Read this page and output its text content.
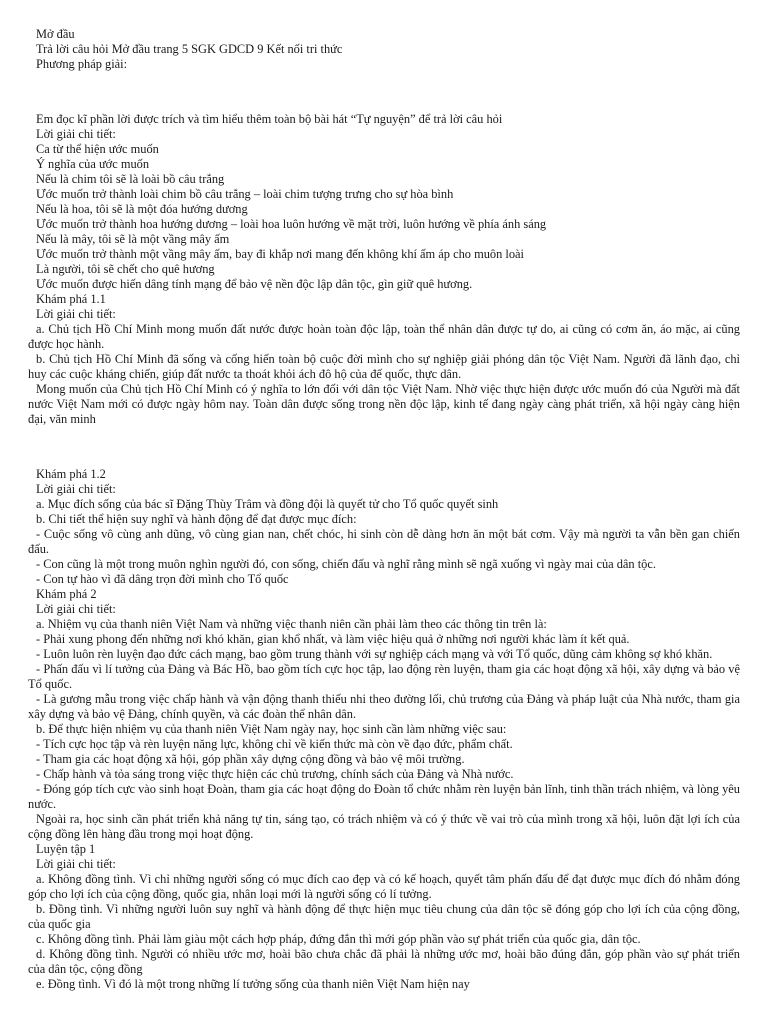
Mở đầu

Trả lời câu hỏi Mở đầu trang 5 SGK GDCD 9 Kết nối tri thức

Phương pháp giải:

Em đọc kĩ phần lời được trích và tìm hiểu thêm toàn bộ bài hát “Tự nguyện” để trả lời câu hỏi

Lời giải chi tiết:

Ca từ thể hiện ước muốn

Ý nghĩa của ước muốn

Nếu là chim tôi sẽ là loài bồ câu trắng

Ước muốn trở thành loài chim bồ câu trắng – loài chim tượng trưng cho sự hòa bình

Nếu là hoa, tôi sẽ là một đóa hướng dương

Ước muốn trở thành hoa hướng dương – loài hoa luôn hướng về mặt trời, luôn hướng về phía ánh sáng

Nếu là mây, tôi sẽ là một vầng mây ấm

Ước muốn trở thành một vầng mây ấm, bay đi khắp nơi mang đến không khí ấm áp cho muôn loài

Là người, tôi sẽ chết cho quê hương

Ước muốn được hiến dâng tính mạng để bảo vệ nền độc lập dân tộc, gìn giữ quê hương.

Khám phá 1.1

Lời giải chi tiết:

a. Chủ tịch Hồ Chí Minh mong muốn đất nước được hoàn toàn độc lập, toàn thể nhân dân được tự do, ai cũng có cơm ăn, áo mặc, ai cũng được học hành.

b. Chủ tịch Hồ Chí Minh đã sống và cống hiến toàn bộ cuộc đời mình cho sự nghiệp giải phóng dân tộc Việt Nam. Người đã lãnh đạo, chỉ huy các cuộc kháng chiến, giúp đất nước ta thoát khỏi ách đô hộ của đế quốc, thực dân.

Mong muốn của Chủ tịch Hồ Chí Minh có ý nghĩa to lớn đối với dân tộc Việt Nam. Nhờ việc thực hiện được ước muốn đó của Người mà đất nước Việt Nam mới có được ngày hôm nay. Toàn dân được sống trong nền độc lập, kinh tế đang ngày càng phát triển, xã hội ngày càng hiện đại, văn minh

Khám phá 1.2

Lời giải chi tiết:

a. Mục đích sống của bác sĩ Đặng Thùy Trâm và đồng đội là quyết tử cho Tổ quốc quyết sinh

b. Chi tiết thể hiện suy nghĩ và hành động để đạt được mục đích:

- Cuộc sống vô cùng anh dũng, vô cùng gian nan, chết chóc, hi sinh còn dễ dàng hơn ăn một bát cơm. Vậy mà người ta vẫn bền gan chiến đấu.

- Con cũng là một trong muôn nghìn người đó, con sống, chiến đấu và nghĩ rằng mình sẽ ngã xuống vì ngày mai của dân tộc.

- Con tự hào vì đã dâng trọn đời mình cho Tổ quốc

Khám phá 2

Lời giải chi tiết:

a. Nhiệm vụ của thanh niên Việt Nam và những việc thanh niên cần phải làm theo các thông tin trên là:

- Phải xung phong đến những nơi khó khăn, gian khổ nhất, và làm việc hiệu quả ở những nơi người khác làm ít kết quả.

- Luôn luôn rèn luyện đạo đức cách mạng, bao gồm trung thành với sự nghiệp cách mạng và với Tổ quốc, dũng cảm không sợ khó khăn.

- Phấn đấu vì lí tưởng của Đảng và Bác Hồ, bao gồm tích cực học tập, lao động rèn luyện, tham gia các hoạt động xã hội, xây dựng và bảo vệ Tổ quốc.

- Là gương mẫu trong việc chấp hành và vận động thanh thiếu nhi theo đường lối, chủ trương của Đảng và pháp luật của Nhà nước, tham gia xây dựng và bảo vệ Đảng, chính quyền, và các đoàn thể nhân dân.

b. Để thực hiện nhiệm vụ của thanh niên Việt Nam ngày nay, học sinh cần làm những việc sau:

- Tích cực học tập và rèn luyện năng lực, không chỉ về kiến thức mà còn về đạo đức, phẩm chất.

- Tham gia các hoạt động xã hội, góp phần xây dựng cộng đồng và bảo vệ môi trường.

- Chấp hành và tỏa sáng trong việc thực hiện các chủ trương, chính sách của Đảng và Nhà nước.

- Đóng góp tích cực vào sinh hoạt Đoàn, tham gia các hoạt động do Đoàn tổ chức nhằm rèn luyện bản lĩnh, tinh thần trách nhiệm, và lòng yêu nước.

Ngoài ra, học sinh cần phát triển khả năng tự tin, sáng tạo, có trách nhiệm và có ý thức về vai trò của mình trong xã hội, luôn đặt lợi ích của cộng đồng lên hàng đầu trong mọi hoạt động.

Luyện tập 1

Lời giải chi tiết:

a. Không đồng tình. Vì chỉ những người sống có mục đích cao đẹp và có kế hoạch, quyết tâm phấn đấu để đạt được mục đích đó nhằm đóng góp cho lợi ích của cộng đồng, quốc gia, nhân loại mới là người sống có lí tưởng.

b. Đồng tình. Vì những người luôn suy nghĩ và hành động để thực hiện mục tiêu chung của dân tộc sẽ đóng góp cho lợi ích của cộng đồng, của quốc gia

c. Không đồng tình. Phải làm giàu một cách hợp pháp, đứng đắn thì mới góp phần vào sự phát triển của quốc gia, dân tộc.

d. Không đồng tình. Người có nhiều ước mơ, hoài bão chưa chắc đã phải là những ước mơ, hoài bão đúng đắn, góp phần vào sự phát triển của dân tộc, cộng đồng

e. Đồng tình. Vì đó là một trong những lí tưởng sống của thanh niên Việt Nam hiện nay
